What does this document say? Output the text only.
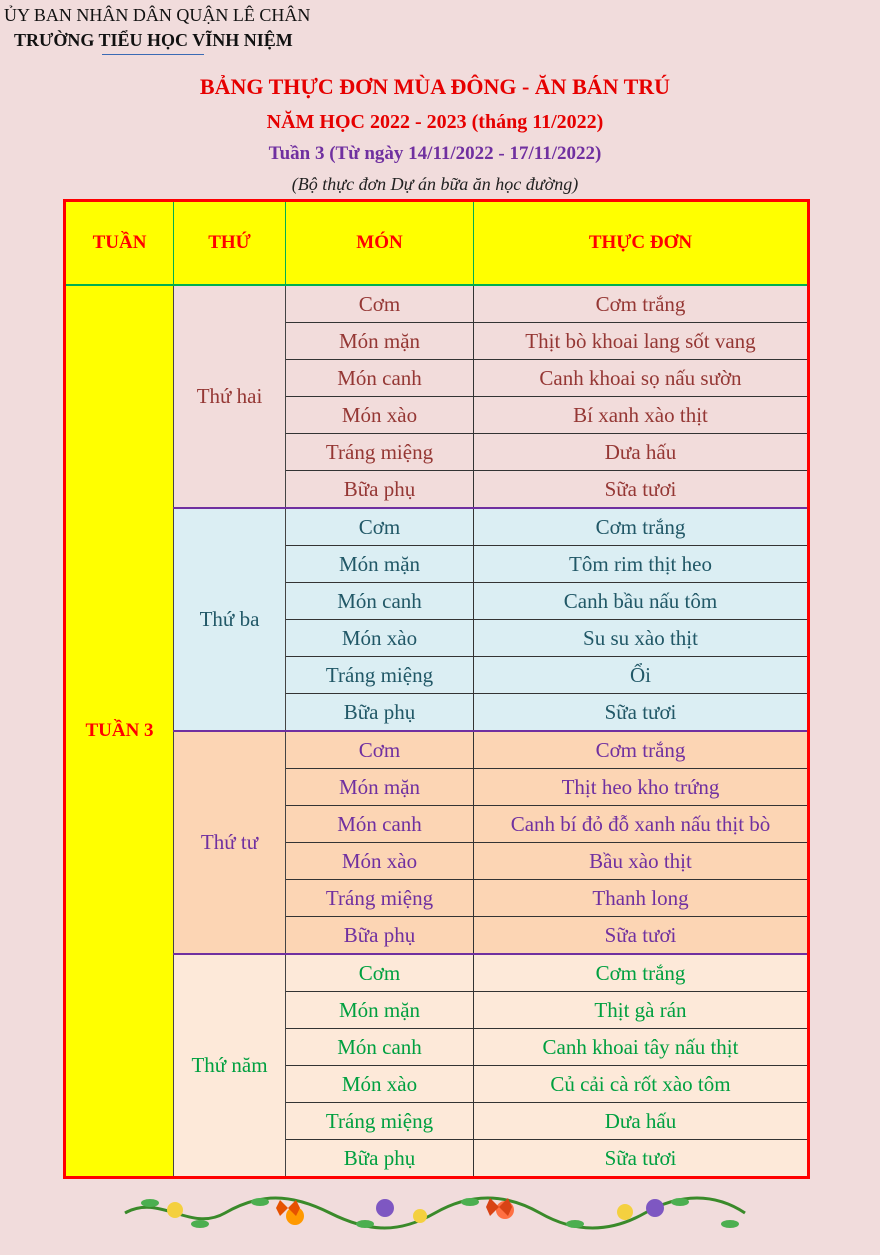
ỦY BAN NHÂN DÂN QUẬN LÊ CHÂN
TRƯỜNG TIỂU HỌC VĨNH NIỆM
BẢNG THỰC ĐƠN MÙA ĐÔNG - ĂN BÁN TRÚ
NĂM HỌC 2022 - 2023 (tháng 11/2022)
Tuần 3 (Từ ngày 14/11/2022 - 17/11/2022)
(Bộ thực đơn Dự án bữa ăn học đường)
TUẦN	THỨ	MÓN	THỰC ĐƠN
TUẦN 3	Thứ hai	Cơm	Cơm trắng
		Món mặn	Thịt bò khoai lang sốt vang
		Món canh	Canh khoai sọ nấu sườn
		Món xào	Bí xanh xào thịt
		Tráng miệng	Dưa hấu
		Bữa phụ	Sữa tươi
	Thứ ba	Cơm	Cơm trắng
		Món mặn	Tôm rim thịt heo
		Món canh	Canh bầu nấu tôm
		Món xào	Su su xào thịt
		Tráng miệng	Ổi
		Bữa phụ	Sữa tươi
	Thứ tư	Cơm	Cơm trắng
		Món mặn	Thịt heo kho trứng
		Món canh	Canh bí đỏ đỗ xanh nấu thịt bò
		Món xào	Bầu xào thịt
		Tráng miệng	Thanh long
		Bữa phụ	Sữa tươi
	Thứ năm	Cơm	Cơm trắng
		Món mặn	Thịt gà rán
		Món canh	Canh khoai tây nấu thịt
		Món xào	Củ cải cà rốt xào tôm
		Tráng miệng	Dưa hấu
		Bữa phụ	Sữa tươi
